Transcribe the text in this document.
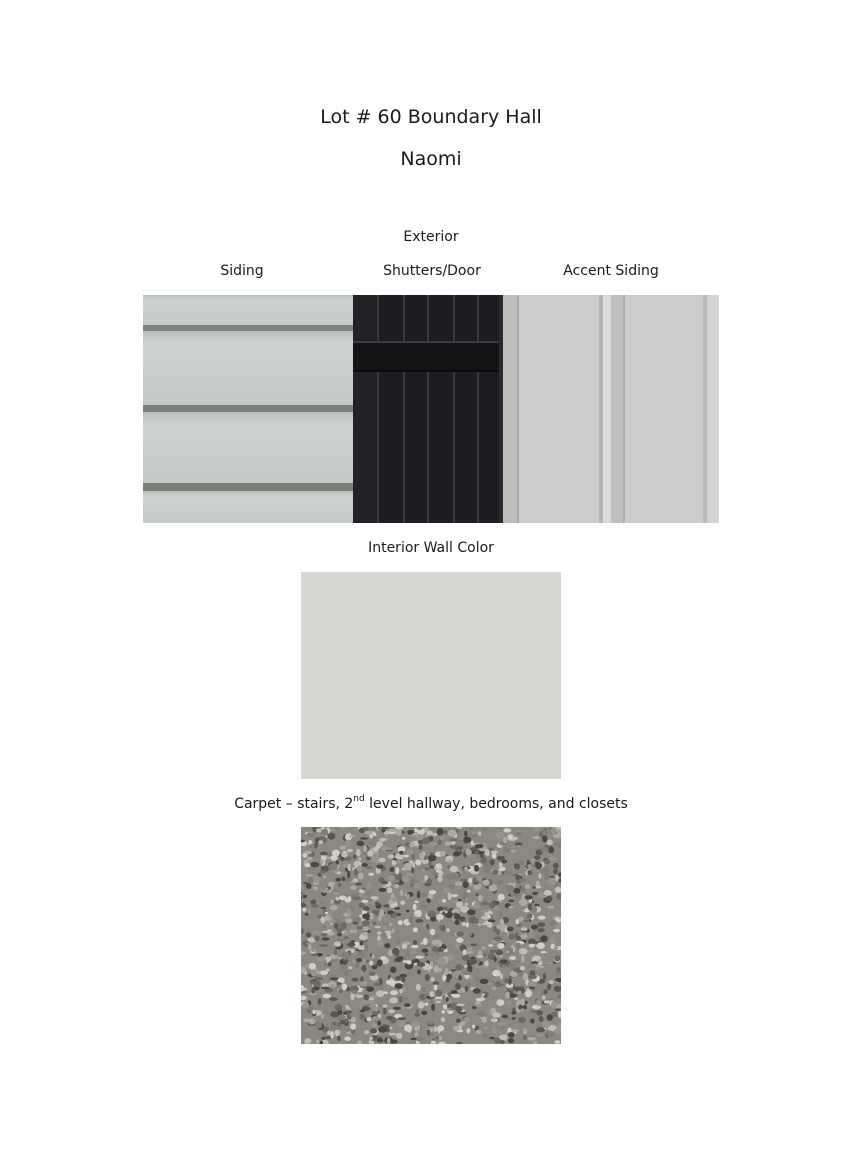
Lot # 60 Boundary Hall
Naomi
Exterior
Siding	Shutters/Door	Accent Siding
Interior Wall Color
Carpet – stairs, 2nd level hallway, bedrooms, and closets
